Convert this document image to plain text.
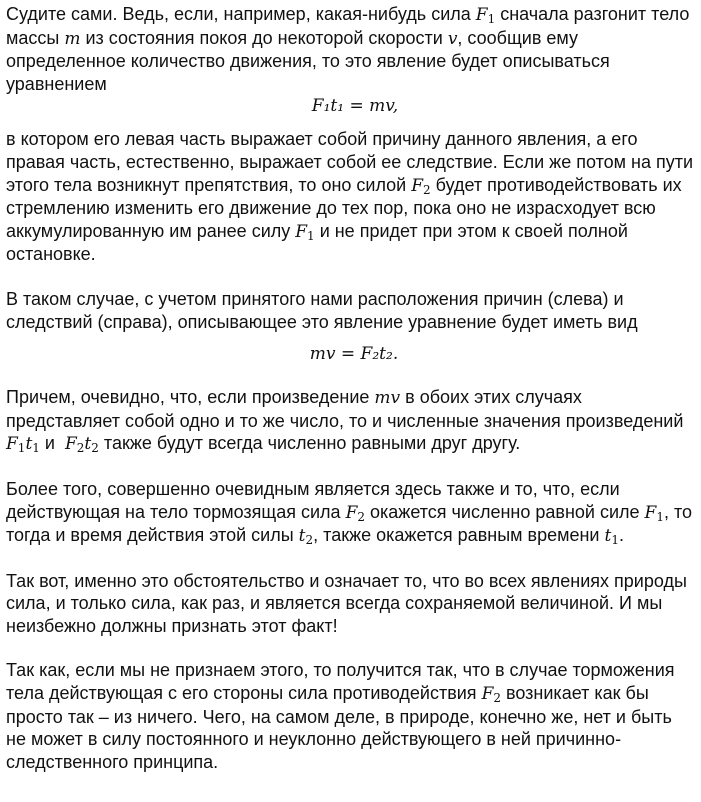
Судите сами. Ведь, если, например, какая-нибудь сила $F_1$ сначала разгонит тело массы m из состояния покоя до некоторой скорости v, сообщив ему определенное количество движения, то это явление будет описываться уравнением

F₁t₁ = mv,

в котором его левая часть выражает собой причину данного явления, а его правая часть, естественно, выражает собой ее следствие. Если же потом на пути этого тела возникнут препятствия, то оно силой $F_2$ будет противодействовать их стремлению изменить его движение до тех пор, пока оно не израсходует всю аккумулированную им ранее силу $F_1$ и не придет при этом к своей полной остановке.

В таком случае, с учетом принятого нами расположения причин (слева) и следствий (справа), описывающее это явление уравнение будет иметь вид

mv = F₂t₂.

Причем, очевидно, что, если произведение mv в обоих этих случаях представляет собой одно и то же число, то и численные значения произведений $F_1t_1$ и  $F_2t_2$ также будут всегда численно равными друг другу.

Более того, совершенно очевидным является здесь также и то, что, если действующая на тело тормозящая сила $F_2$ окажется численно равной силе $F_1$, то тогда и время действия этой силы $t_2$, также окажется равным времени $t_1$.

Так вот, именно это обстоятельство и означает то, что во всех явлениях природы сила, и только сила, как раз, и является всегда сохраняемой величиной. И мы неизбежно должны признать этот факт!

Так как, если мы не признаем этого, то получится так, что в случае торможения тела действующая с его стороны сила противодействия $F_2$ возникает как бы просто так – из ничего. Чего, на самом деле, в природе, конечно же, нет и быть не может в силу постоянного и неуклонно действующего в ней причинно-следственного принципа.
